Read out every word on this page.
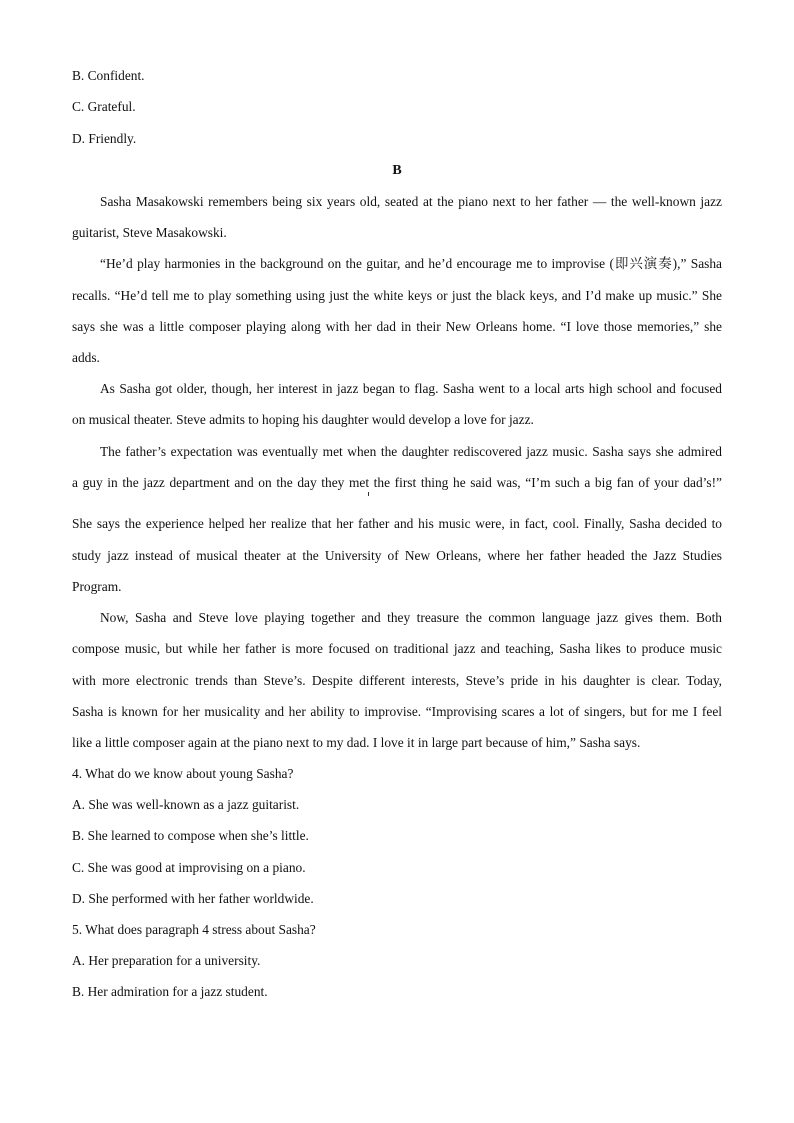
B. Confident.
C. Grateful.
D. Friendly.
B
Sasha Masakowski remembers being six years old, seated at the piano next to her father — the well-known jazz
guitarist, Steve Masakowski.
“He’d play harmonies in the background on the guitar, and he’d encourage me to improvise (即兴演奏),” Sasha
recalls. “He’d tell me to play something using just the white keys or just the black keys, and I’d make up music.” She
says she was a little composer playing along with her dad in their New Orleans home. “I love those memories,” she
adds.
As Sasha got older, though, her interest in jazz began to flag. Sasha went to a local arts high school and focused
on musical theater. Steve admits to hoping his daughter would develop a love for jazz.
The father’s expectation was eventually met when the daughter rediscovered jazz music. Sasha says she admired
a guy in the jazz department and on the day they met the first thing he said was, “I’m such a big fan of your dad’s!”
She says the experience helped her realize that her father and his music were, in fact, cool. Finally, Sasha decided to
study jazz instead of musical theater at the University of New Orleans, where her father headed the Jazz Studies
Program.
Now, Sasha and Steve love playing together and they treasure the common language jazz gives them. Both
compose music, but while her father is more focused on traditional jazz and teaching, Sasha likes to produce music
with more electronic trends than Steve’s. Despite different interests, Steve’s pride in his daughter is clear. Today,
Sasha is known for her musicality and her ability to improvise. “Improvising scares a lot of singers, but for me I feel
like a little composer again at the piano next to my dad. I love it in large part because of him,” Sasha says.
4. What do we know about young Sasha?
A. She was well-known as a jazz guitarist.
B. She learned to compose when she’s little.
C. She was good at improvising on a piano.
D. She performed with her father worldwide.
5. What does paragraph 4 stress about Sasha?
A. Her preparation for a university.
B. Her admiration for a jazz student.
